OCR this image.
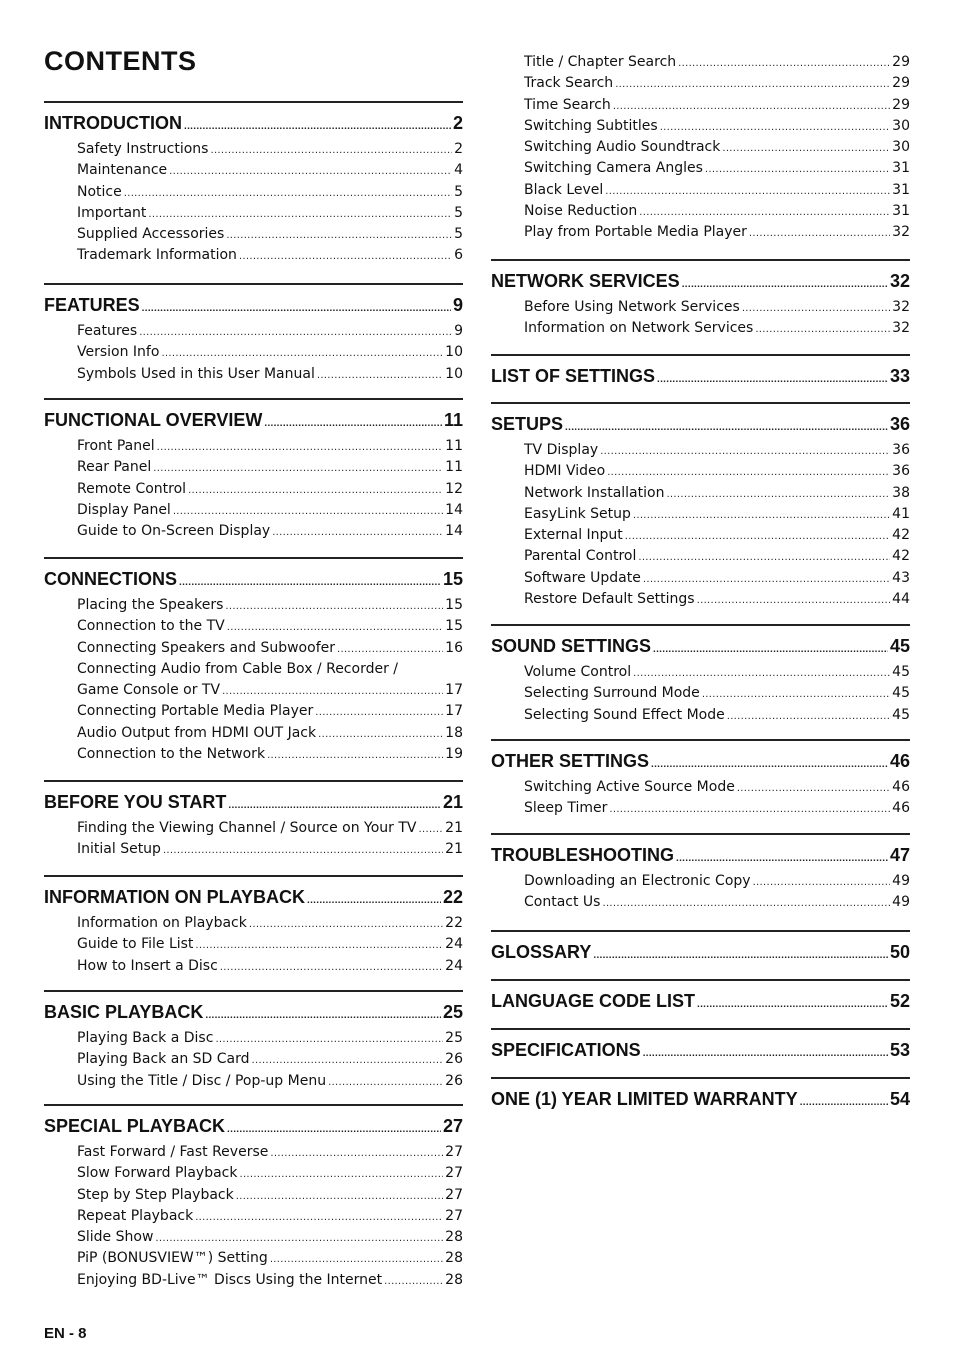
CONTENTS
INTRODUCTION .....	2
Safety Instructions .....	2
Maintenance .....	4
Notice .....	5
Important .....	5
Supplied Accessories .....	5
Trademark Information .....	6
FEATURES .....	9
Features .....	9
Version Info .....	10
Symbols Used in this User Manual .....	10
FUNCTIONAL OVERVIEW .....	11
Front Panel .....	11
Rear Panel .....	11
Remote Control .....	12
Display Panel .....	14
Guide to On-Screen Display .....	14
CONNECTIONS .....	15
Placing the Speakers .....	15
Connection to the TV .....	15
Connecting Speakers and Subwoofer .....	16
Connecting Audio from Cable Box / Recorder /
Game Console or TV .....	17
Connecting Portable Media Player .....	17
Audio Output from HDMI OUT Jack .....	18
Connection to the Network .....	19
BEFORE YOU START .....	21
Finding the Viewing Channel / Source on Your TV ..... 21
Initial Setup .....	21
INFORMATION ON PLAYBACK .....	22
Information on Playback .....	22
Guide to File List .....	24
How to Insert a Disc .....	24
BASIC PLAYBACK .....	25
Playing Back a Disc .....	25
Playing Back an SD Card .....	26
Using the Title / Disc / Pop-up Menu .....	26
SPECIAL PLAYBACK .....	27
Fast Forward / Fast Reverse .....	27
Slow Forward Playback .....	27
Step by Step Playback .....	27
Repeat Playback .....	27
Slide Show .....	28
PiP (BONUSVIEW™) Setting .....	28
Enjoying BD-Live™ Discs Using the Internet .....	28
Title / Chapter Search .....	29
Track Search .....	29
Time Search .....	29
Switching Subtitles .....	30
Switching Audio Soundtrack .....	30
Switching Camera Angles .....	31
Black Level .....	31
Noise Reduction .....	31
Play from Portable Media Player .....	32
NETWORK SERVICES .....	32
Before Using Network Services .....	32
Information on Network Services .....	32
LIST OF SETTINGS .....	33
SETUPS .....	36
TV Display .....	36
HDMI Video .....	36
Network Installation .....	38
EasyLink Setup .....	41
External Input .....	42
Parental Control .....	42
Software Update .....	43
Restore Default Settings .....	44
SOUND SETTINGS .....	45
Volume Control .....	45
Selecting Surround Mode .....	45
Selecting Sound Effect Mode .....	45
OTHER SETTINGS .....	46
Switching Active Source Mode .....	46
Sleep Timer .....	46
TROUBLESHOOTING .....	47
Downloading an Electronic Copy .....	49
Contact Us .....	49
GLOSSARY .....	50
LANGUAGE CODE LIST .....	52
SPECIFICATIONS .....	53
ONE (1) YEAR LIMITED WARRANTY .....	54
EN - 8
